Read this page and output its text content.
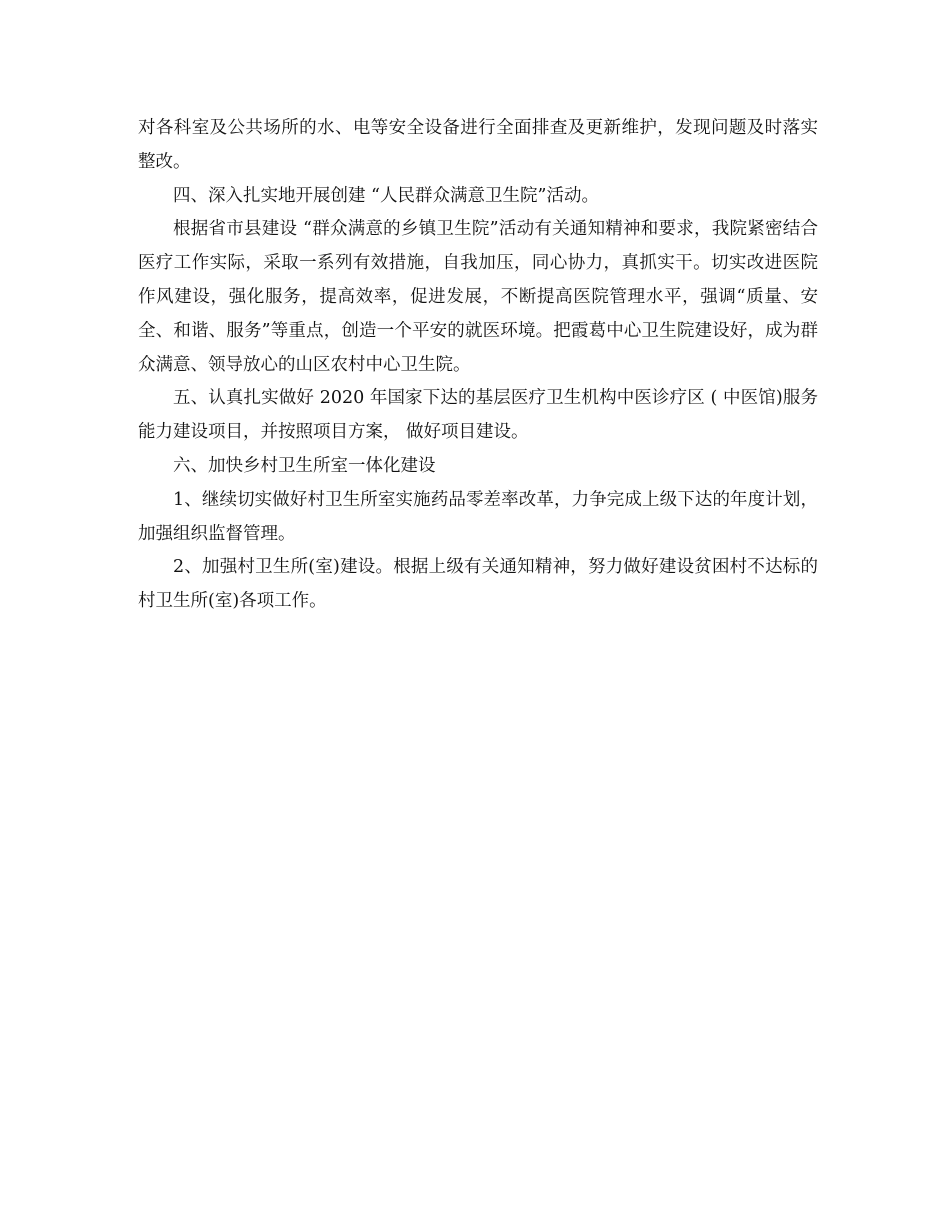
对各科室及公共场所的水、电等安全设备进行全面排查及更新维护，发现问题及时落实整改。

四、深入扎实地开展创建 “人民群众满意卫生院”活动。

根据省市县建设 “群众满意的乡镇卫生院”活动有关通知精神和要求，我院紧密结合医疗工作实际，采取一系列有效措施，自我加压，同心协力，真抓实干。切实改进医院作风建设，强化服务，提高效率，促进发展，不断提高医院管理水平，强调“质量、安全、和谐、服务”等重点，创造一个平安的就医环境。把霞葛中心卫生院建设好，成为群众满意、领导放心的山区农村中心卫生院。

五、认真扎实做好 2020 年国家下达的基层医疗卫生机构中医诊疗区 ( 中医馆)服务能力建设项目，并按照项目方案， 做好项目建设。

六、加快乡村卫生所室一体化建设

1、继续切实做好村卫生所室实施药品零差率改革，力争完成上级下达的年度计划，加强组织监督管理。

2、加强村卫生所(室)建设。根据上级有关通知精神，努力做好建设贫困村不达标的村卫生所(室)各项工作。
